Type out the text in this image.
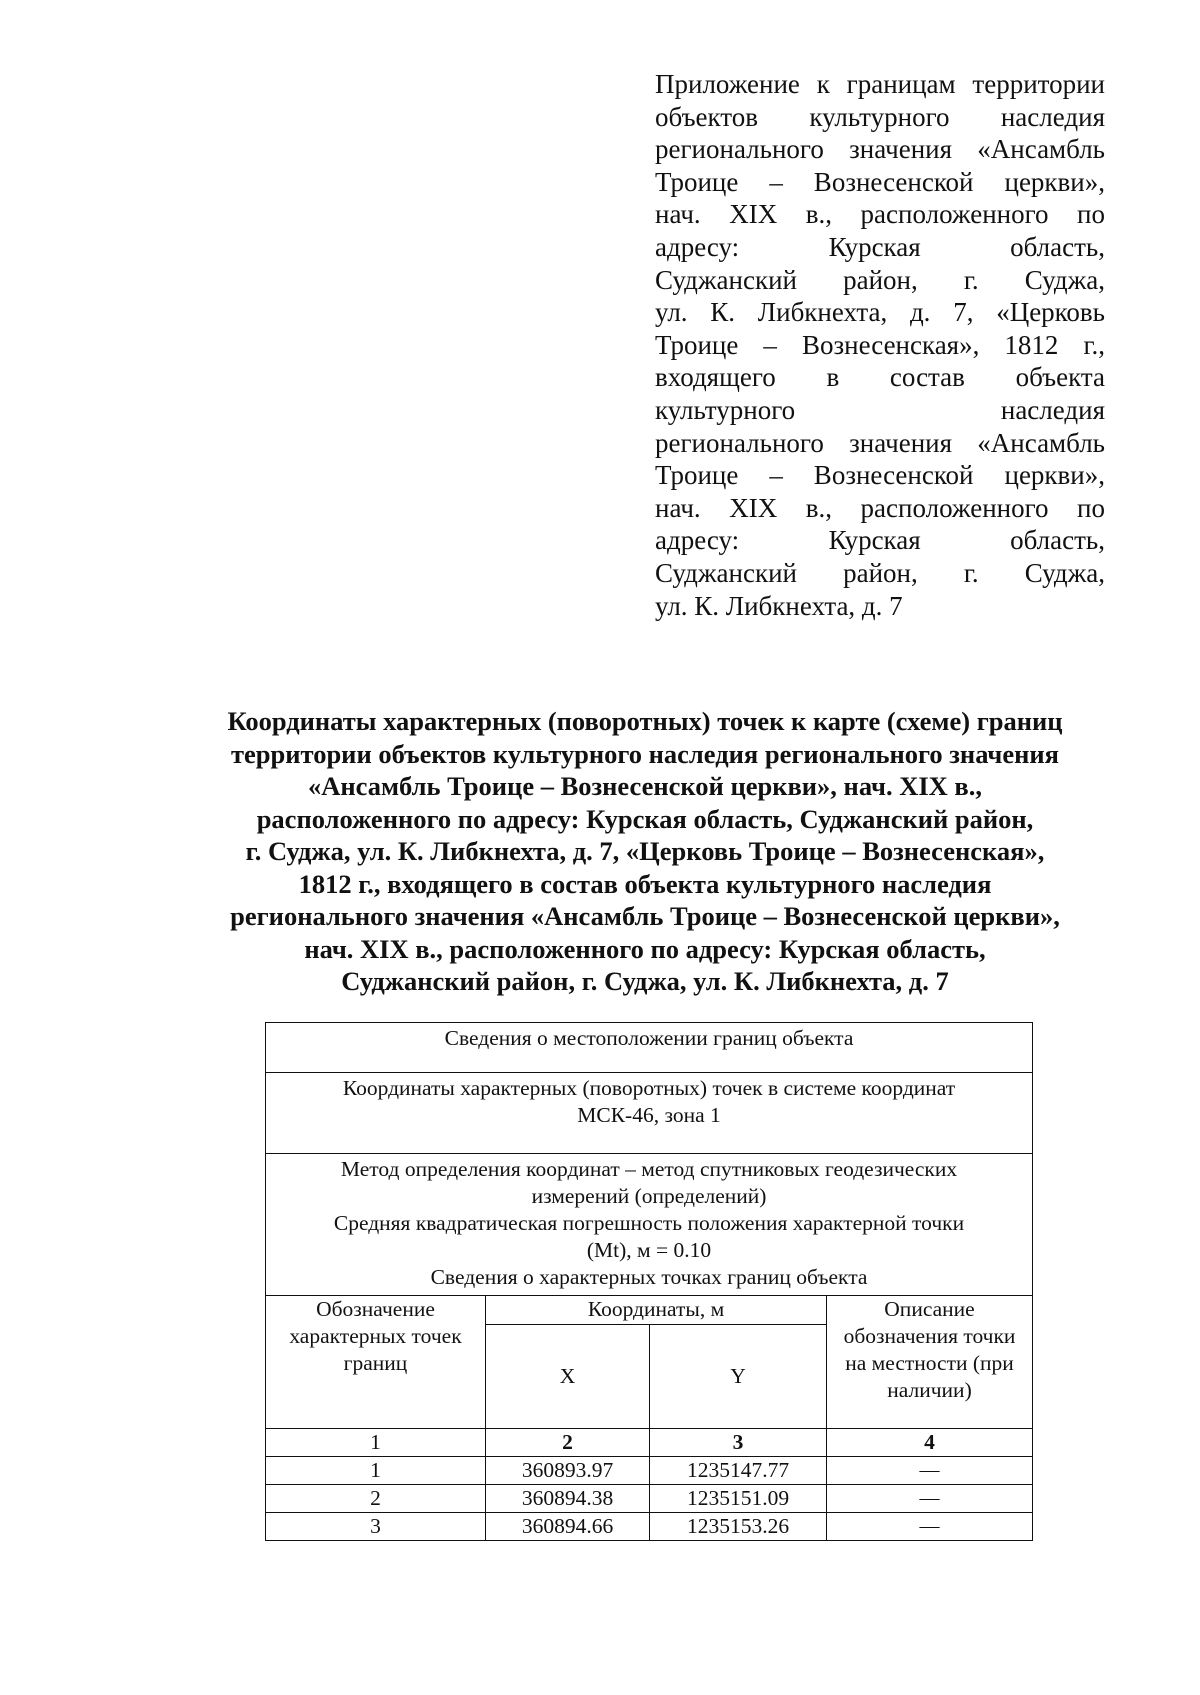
Приложение к границам территории
объектов культурного наследия
регионального значения «Ансамбль
Троице – Вознесенской церкви»,
нач. XIX в., расположенного по
адресу: Курская область,
Суджанский район, г. Суджа,
ул. К. Либкнехта, д. 7, «Церковь
Троице – Вознесенская», 1812 г.,
входящего в состав объекта
культурного наследия
регионального значения «Ансамбль
Троице – Вознесенской церкви»,
нач. XIX в., расположенного по
адресу: Курская область,
Суджанский район, г. Суджа,
ул. К. Либкнехта, д. 7
Координаты характерных (поворотных) точек к карте (схеме) границ
территории объектов культурного наследия регионального значения
«Ансамбль Троице – Вознесенской церкви», нач. XIX в.,
расположенного по адресу: Курская область, Суджанский район,
г. Суджа, ул. К. Либкнехта, д. 7, «Церковь Троице – Вознесенская»,
1812 г., входящего в состав объекта культурного наследия
регионального значения «Ансамбль Троице – Вознесенской церкви»,
нач. XIX в., расположенного по адресу: Курская область,
Суджанский район, г. Суджа, ул. К. Либкнехта, д. 7
Сведения о местоположении границ объекта			

Координаты характерных (поворотных) точек в системе координат
МСК-46, зона 1			

Метод определения координат – метод спутниковых геодезических
измерений (определений)
Средняя квадратическая погрешность положения характерной точки
(Mt), м = 0.10
Сведения о характерных точках границ объекта			

Обозначение характерных точек границ	Координаты, м		Описание обозначения точки на местности (при наличии)
	X	Y	
1	2	3	4
1	360893.97	1235147.77	—
2	360894.38	1235151.09	—
3	360894.66	1235153.26	—
